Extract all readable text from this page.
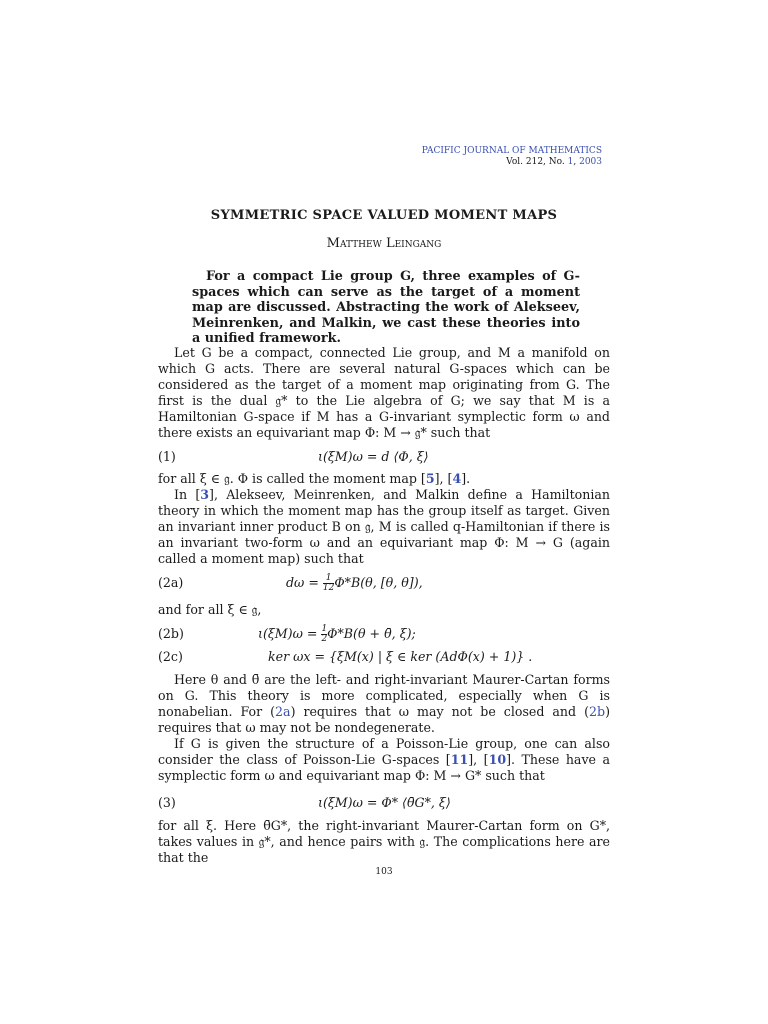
PACIFIC JOURNAL OF MATHEMATICS
Vol. 212, No. 1, 2003
SYMMETRIC SPACE VALUED MOMENT MAPS
Matthew Leingang

For a compact Lie group G, three examples of G-spaces which can serve as the target of a moment map are discussed. Abstracting the work of Alekseev, Meinrenken, and Malkin, we cast these theories into a unified framework.

Let G be a compact, connected Lie group, and M a manifold on which G acts. There are several natural G-spaces which can be considered as the target of a moment map originating from G. The first is the dual 𝔤* to the Lie algebra of G; we say that M is a Hamiltonian G-space if M has a G-invariant symplectic form ω and there exists an equivariant map Φ: M → 𝔤* such that

(1)	ι(ξM)ω = d ⟨Φ, ξ⟩

for all ξ ∈ 𝔤. Φ is called the moment map [5], [4].

In [3], Alekseev, Meinrenken, and Malkin define a Hamiltonian theory in which the moment map has the group itself as target. Given an invariant inner product B on 𝔤, M is called q-Hamiltonian if there is an invariant two-form ω and an equivariant map Φ: M → G (again called a moment map) such that

(2a)	$d\omega = \frac{1}{12} \Phi*B(\theta$, [θ, θ]),

and for all ξ ∈ 𝔤,

(2b)	$\iota(\xi M)\omega = \frac{1}{2} \Phi*B(\theta$ + θ̄, ξ);
(2c)	ker ωx = {ξM(x) | ξ ∈ ker (AdΦ(x) + 1)} .

Here θ and θ̄ are the left- and right-invariant Maurer-Cartan forms on G. This theory is more complicated, especially when G is nonabelian. For (2a) requires that ω may not be closed and (2b) requires that ω may not be nondegenerate.

If G is given the structure of a Poisson-Lie group, one can also consider the class of Poisson-Lie G-spaces [11], [10]. These have a symplectic form ω and equivariant map Φ: M → G* such that

(3)	ι(ξM)ω = Φ* ⟨θ̄G*, ξ⟩

for all ξ. Here θ̄G*, the right-invariant Maurer-Cartan form on G*, takes values in 𝔤*, and hence pairs with 𝔤. The complications here are that the

103
